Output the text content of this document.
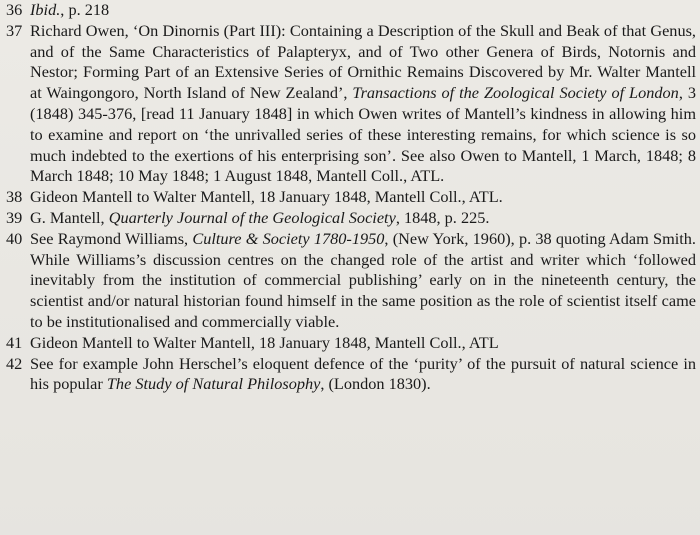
36 Ibid., p. 218
37 Richard Owen, ‘On Dinornis (Part III): Containing a Description of the Skull and Beak of that Genus, and of the Same Characteristics of Palapteryx, and of Two other Genera of Birds, Notornis and Nestor; Forming Part of an Extensive Series of Ornithic Remains Discovered by Mr. Walter Mantell at Waingongoro, North Island of New Zealand’, Transactions of the Zoological Society of London, 3 (1848) 345-376, [read 11 January 1848] in which Owen writes of Mantell’s kindness in allowing him to examine and report on ‘the unrivalled series of these interesting remains, for which science is so much indebted to the exertions of his enterprising son’. See also Owen to Mantell, 1 March, 1848; 8 March 1848; 10 May 1848; 1 August 1848, Mantell Coll., ATL.
38 Gideon Mantell to Walter Mantell, 18 January 1848, Mantell Coll., ATL.
39 G. Mantell, Quarterly Journal of the Geological Society, 1848, p. 225.
40 See Raymond Williams, Culture & Society 1780-1950, (New York, 1960), p. 38 quoting Adam Smith. While Williams’s discussion centres on the changed role of the artist and writer which ‘followed inevitably from the institution of commercial publishing’ early on in the nineteenth century, the scientist and/or natural historian found himself in the same position as the role of scientist itself came to be institutionalised and commercially viable.
41 Gideon Mantell to Walter Mantell, 18 January 1848, Mantell Coll., ATL
42 See for example John Herschel’s eloquent defence of the ‘purity’ of the pursuit of natural science in his popular The Study of Natural Philosophy, (London 1830).
